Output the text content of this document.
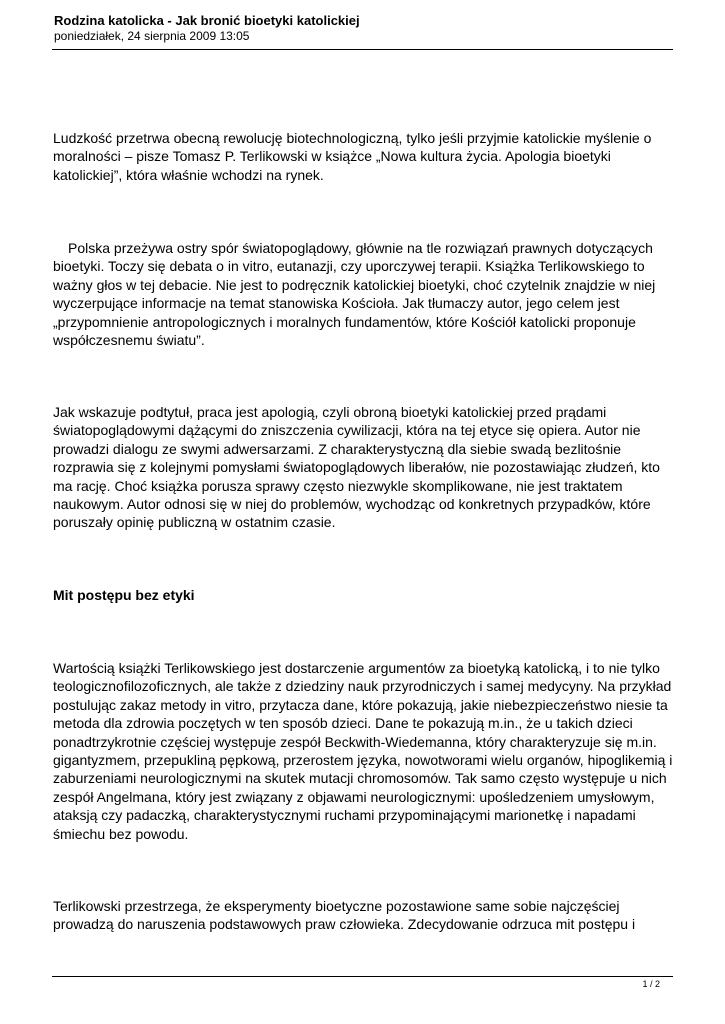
Rodzina katolicka - Jak bronić bioetyki katolickiej

poniedziałek, 24 sierpnia 2009 13:05

Ludzkość przetrwa obecną rewolucję biotechnologiczną, tylko jeśli przyjmie katolickie myślenie o moralności – pisze Tomasz P. Terlikowski w książce „Nowa kultura życia. Apologia bioetyki katolickiej”, która właśnie wchodzi na rynek.

Polska przeżywa ostry spór światopoglądowy, głównie na tle rozwiązań prawnych dotyczących bioetyki. Toczy się debata o in vitro, eutanazji, czy uporczywej terapii. Książka Terlikowskiego to ważny głos w tej debacie. Nie jest to podręcznik katolickiej bioetyki, choć czytelnik znajdzie w niej wyczerpujące informacje na temat stanowiska Kościoła. Jak tłumaczy autor, jego celem jest „przypomnienie antropologicznych i moralnych fundamentów, które Kościół katolicki proponuje współczesnemu światu”.

Jak wskazuje podtytuł, praca jest apologią, czyli obroną bioetyki katolickiej przed prądami światopoglądowymi dążącymi do zniszczenia cywilizacji, która na tej etyce się opiera. Autor nie prowadzi dialogu ze swymi adwersarzami. Z charakterystyczną dla siebie swadą bezlitośnie rozprawia się z kolejnymi pomysłami światopoglądowych liberałów, nie pozostawiając złudzeń, kto ma rację. Choć książka porusza sprawy często niezwykle skomplikowane, nie jest traktatem naukowym. Autor odnosi się w niej do problemów, wychodząc od konkretnych przypadków, które poruszały opinię publiczną w ostatnim czasie.

Mit postępu bez etyki

Wartością książki Terlikowskiego jest dostarczenie argumentów za bioetyką katolicką, i to nie tylko teologicznofilozoficznych, ale także z dziedziny nauk przyrodniczych i samej medycyny. Na przykład postulując zakaz metody in vitro, przytacza dane, które pokazują, jakie niebezpieczeństwo niesie ta metoda dla zdrowia poczętych w ten sposób dzieci. Dane te pokazują m.in., że u takich dzieci ponadtrzykrotnie częściej występuje zespół Beckwith-Wiedemanna, który charakteryzuje się m.in. gigantyzmem, przepukliną pępkową, przerostem języka, nowotworami wielu organów, hipoglikemią i zaburzeniami neurologicznymi na skutek mutacji chromosomów. Tak samo często występuje u nich zespół Angelmana, który jest związany z objawami neurologicznymi: upośledzeniem umysłowym, ataksją czy padaczką, charakterystycznymi ruchami przypominającymi marionetkę i napadami śmiechu bez powodu.

Terlikowski przestrzega, że eksperymenty bioetyczne pozostawione same sobie najczęściej prowadzą do naruszenia podstawowych praw człowieka. Zdecydowanie odrzuca mit postępu i

1 / 2
